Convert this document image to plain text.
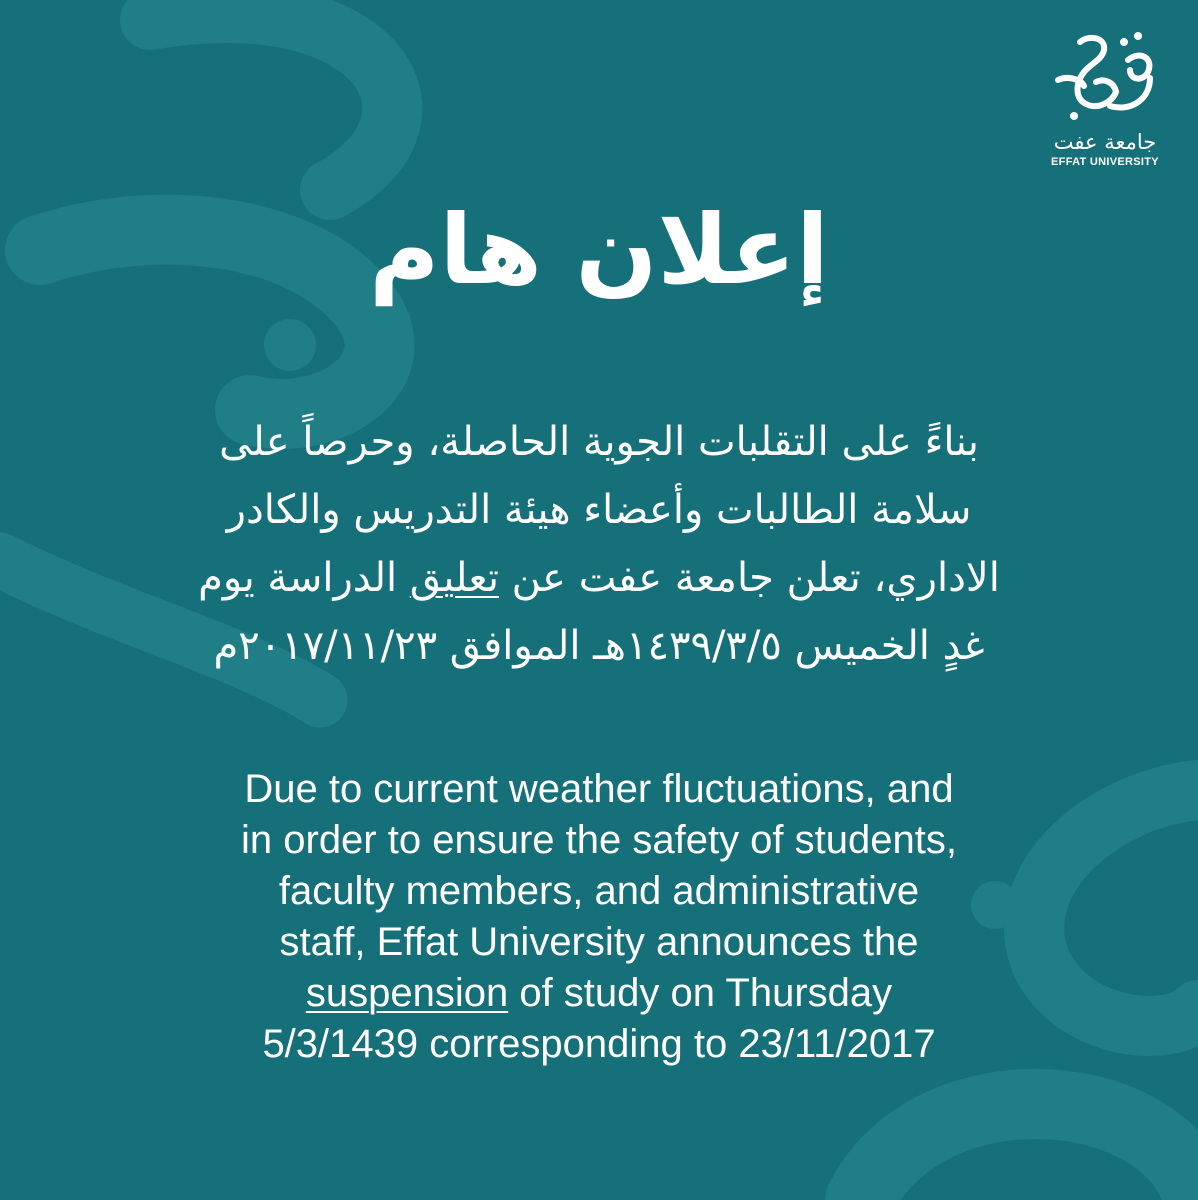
جامعة عفت
EFFAT UNIVERSITY
إعلان هام
بناءً على التقلبات الجوية الحاصلة، وحرصاً على
سلامة الطالبات وأعضاء هيئة التدريس والكادر
الاداري، تعلن جامعة عفت عن تعليق الدراسة يوم
غدٍ الخميس ١٤٣٩/٣/٥هـ الموافق ٢٠١٧/١١/٢٣م
Due to current weather fluctuations, and
in order to ensure the safety of students,
faculty members, and administrative
staff, Effat University announces the
suspension of study on Thursday
5/3/1439 corresponding to 23/11/2017
